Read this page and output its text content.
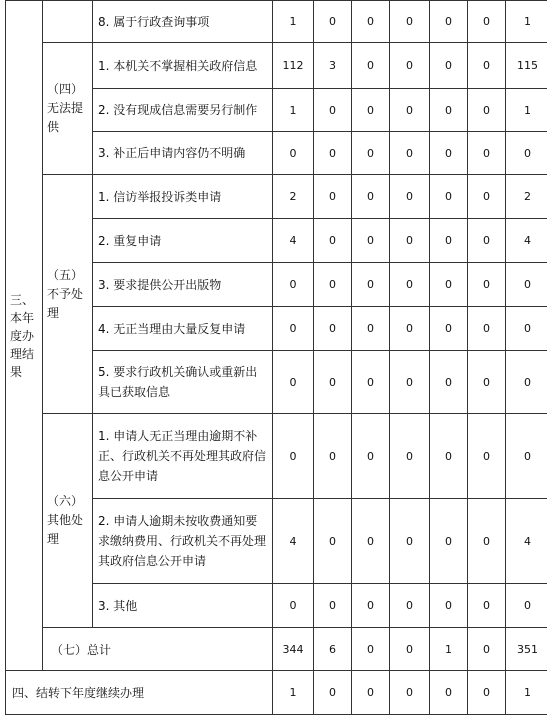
三、本年度办理结果		8. 属于行政查询事项	1	0	0	0	0	0	1

	（四）无法提供	1. 本机关不掌握相关政府信息	112	3	0	0	0	0	115

		2. 没有现成信息需要另行制作	1	0	0	0	0	0	1

		3. 补正后申请内容仍不明确	0	0	0	0	0	0	0

	（五）不予处理	1. 信访举报投诉类申请	2	0	0	0	0	0	2

		2. 重复申请	4	0	0	0	0	0	4

		3. 要求提供公开出版物	0	0	0	0	0	0	0

		4. 无正当理由大量反复申请	0	0	0	0	0	0	0

		5. 要求行政机关确认或重新出具已获取信息	0	0	0	0	0	0	0

	（六）其他处理	1. 申请人无正当理由逾期不补正、行政机关不再处理其政府信息公开申请	0	0	0	0	0	0	0

		2. 申请人逾期未按收费通知要求缴纳费用、行政机关不再处理其政府信息公开申请	4	0	0	0	0	0	4

		3. 其他	0	0	0	0	0	0	0

	（七）总计		344	6	0	0	1	0	351

四、结转下年度继续办理			1	0	0	0	0	0	1
